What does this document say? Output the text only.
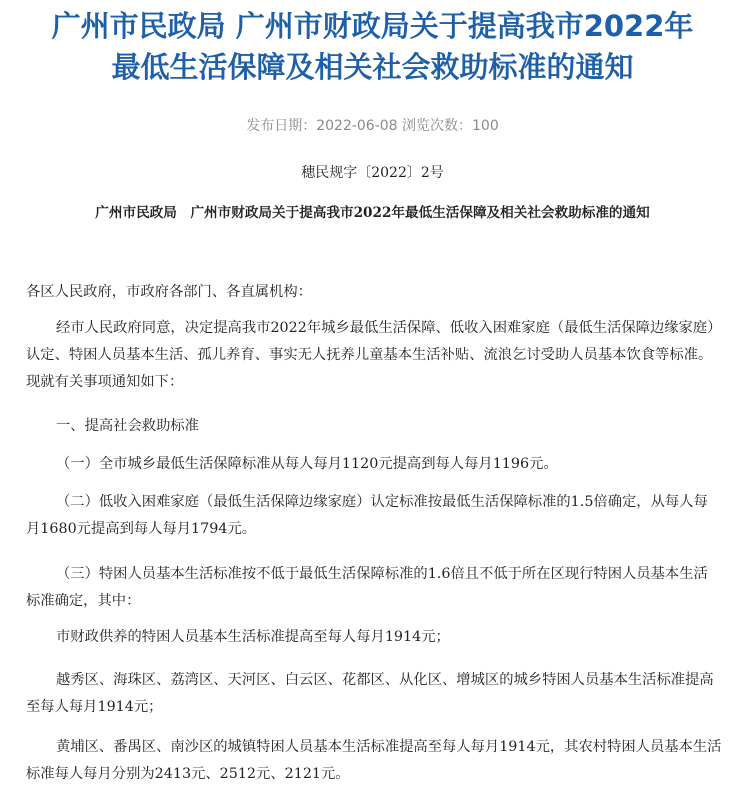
广州市民政局 广州市财政局关于提高我市2022年
最低生活保障及相关社会救助标准的通知
发布日期：2022-06-08 浏览次数：100
穗民规字〔2022〕2号
广州市民政局　广州市财政局关于提高我市2022年最低生活保障及相关社会救助标准的通知
各区人民政府，市政府各部门、各直属机构：
经市人民政府同意，决定提高我市2022年城乡最低生活保障、低收入困难家庭（最低生活保障边缘家庭）认定、特困人员基本生活、孤儿养育、事实无人抚养儿童基本生活补贴、流浪乞讨受助人员基本饮食等标准。现就有关事项通知如下：
一、提高社会救助标准
（一）全市城乡最低生活保障标准从每人每月1120元提高到每人每月1196元。
（二）低收入困难家庭（最低生活保障边缘家庭）认定标准按最低生活保障标准的1.5倍确定，从每人每月1680元提高到每人每月1794元。
（三）特困人员基本生活标准按不低于最低生活保障标准的1.6倍且不低于所在区现行特困人员基本生活标准确定，其中：
市财政供养的特困人员基本生活标准提高至每人每月1914元；
越秀区、海珠区、荔湾区、天河区、白云区、花都区、从化区、增城区的城乡特困人员基本生活标准提高至每人每月1914元；
黄埔区、番禺区、南沙区的城镇特困人员基本生活标准提高至每人每月1914元，其农村特困人员基本生活标准每人每月分别为2413元、2512元、2121元。
